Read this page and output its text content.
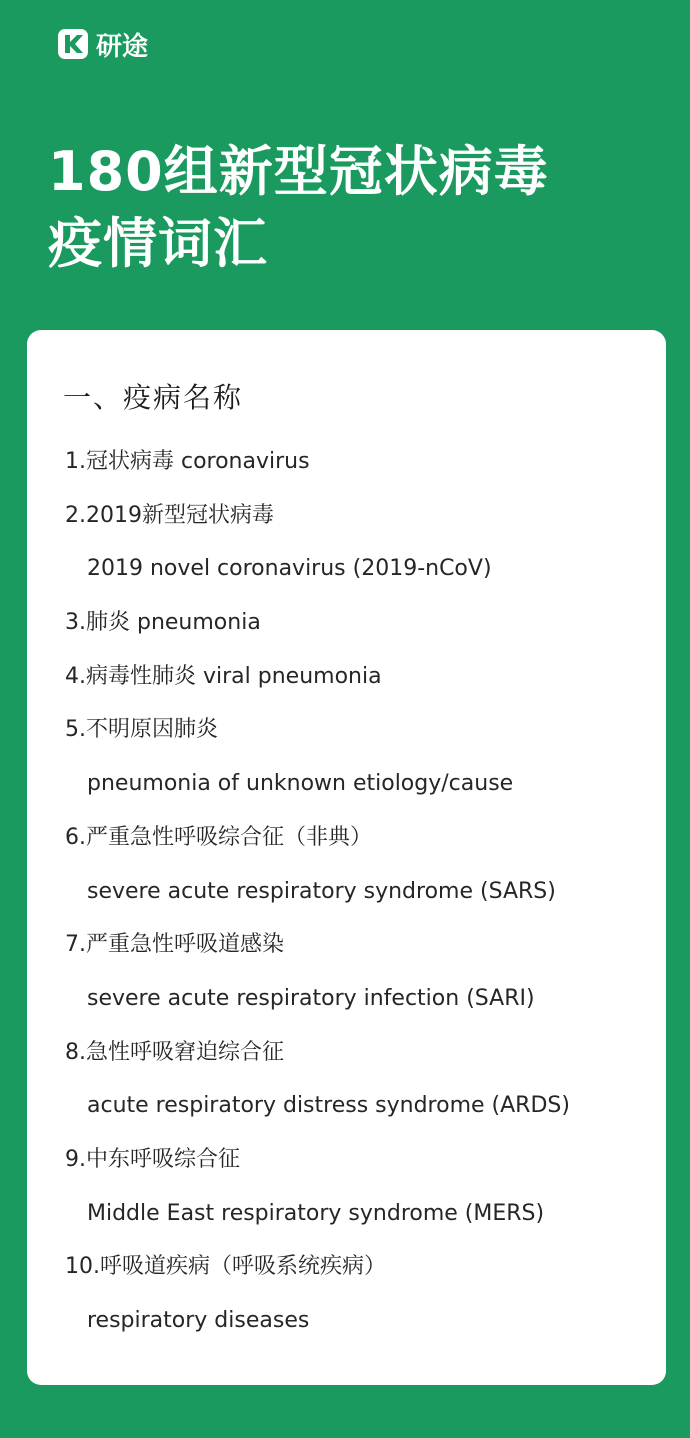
研途
180组新型冠状病毒
疫情词汇
一、疫病名称
1.冠状病毒 coronavirus
2.2019新型冠状病毒
2019 novel coronavirus (2019-nCoV)
3.肺炎 pneumonia
4.病毒性肺炎 viral pneumonia
5.不明原因肺炎
pneumonia of unknown etiology/cause
6.严重急性呼吸综合征（非典）
severe acute respiratory syndrome (SARS)
7.严重急性呼吸道感染
severe acute respiratory infection (SARI)
8.急性呼吸窘迫综合征
acute respiratory distress syndrome (ARDS)
9.中东呼吸综合征
Middle East respiratory syndrome (MERS)
10.呼吸道疾病（呼吸系统疾病）
respiratory diseases
